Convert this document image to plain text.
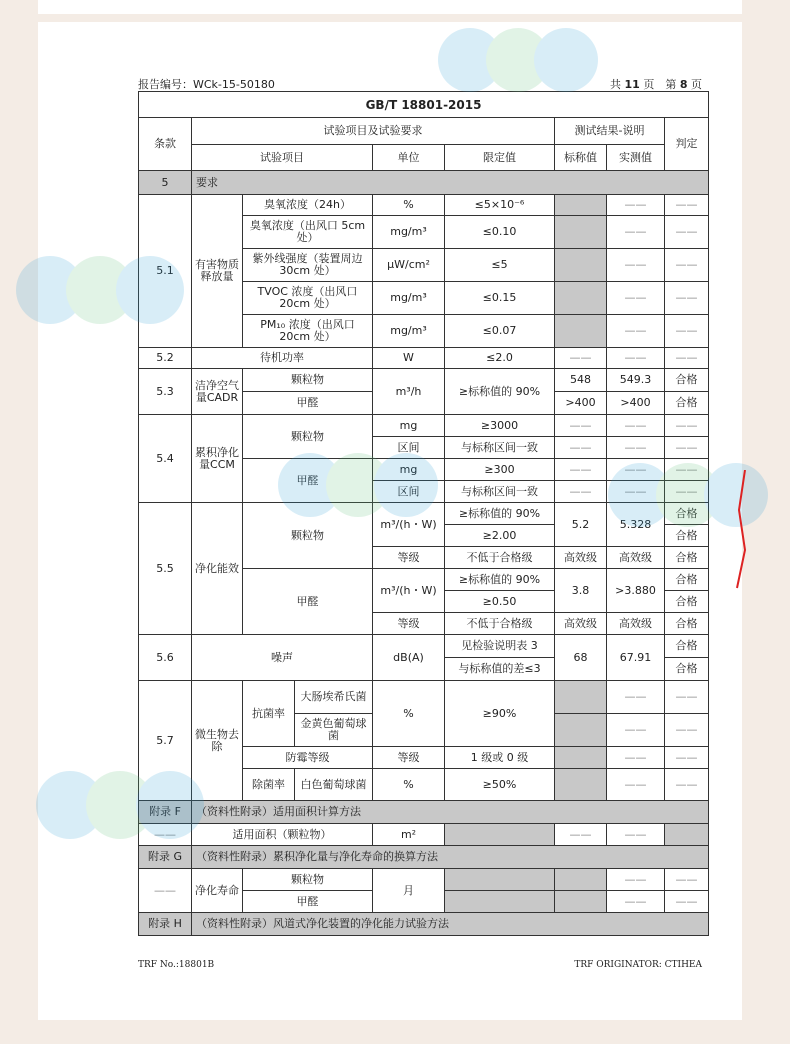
报告编号：WCk-15-50180	共 11 页　第 8 页
GB/T 18801-2015								
条款	试验项目及试验要求					测试结果-说明		判定
	试验项目			单位	限定值	标称值	实测值	
5	要求							
5.1	有害物质释放量	臭氧浓度（24h）		%	≤5×10⁻⁶		——	——
		臭氧浓度（出风口 5cm 处）		mg/m³	≤0.10		——	——
		紫外线强度（装置周边 30cm 处）		μW/cm²	≤5		——	——
		TVOC 浓度（出风口 20cm 处）		mg/m³	≤0.15		——	——
		PM₁₀ 浓度（出风口 20cm 处）		mg/m³	≤0.07		——	——
5.2	待机功率			W	≤2.0	——	——	——
5.3	洁净空气量CADR	颗粒物		m³/h	≥标称值的 90%	548	549.3	合格
		甲醛				>400	>400	合格
5.4	累积净化量CCM	颗粒物		mg	≥3000	——	——	——
				区间	与标称区间一致	——	——	——
		甲醛		mg	≥300	——	——	——
				区间	与标称区间一致	——	——	——
5.5	净化能效	颗粒物		m³/(h・W)	≥标称值的 90%	5.2	5.328	合格
					≥2.00			合格
				等级	不低于合格级	高效级	高效级	合格
		甲醛		m³/(h・W)	≥标称值的 90%	3.8	>3.880	合格
					≥0.50			合格
				等级	不低于合格级	高效级	高效级	合格
5.6	噪声			dB(A)	见检验说明表 3	68	67.91	合格
					与标称值的差≤3			合格
5.7	微生物去除	抗菌率	大肠埃希氏菌	%	≥90%		——	——
			金黄色葡萄球菌				——	——
		防霉等级		等级	1 级或 0 级		——	——
		除菌率	白色葡萄球菌	%	≥50%		——	——
附录 F	（资料性附录）适用面积计算方法							
——	适用面积（颗粒物）			m²		——	——	
附录 G	（资料性附录）累积净化量与净化寿命的换算方法							
——	净化寿命	颗粒物		月			——	——
		甲醛					——	——
附录 H	（资料性附录）风道式净化装置的净化能力试验方法							
TRF No.:18801B	TRF ORIGINATOR: CTIHEA
